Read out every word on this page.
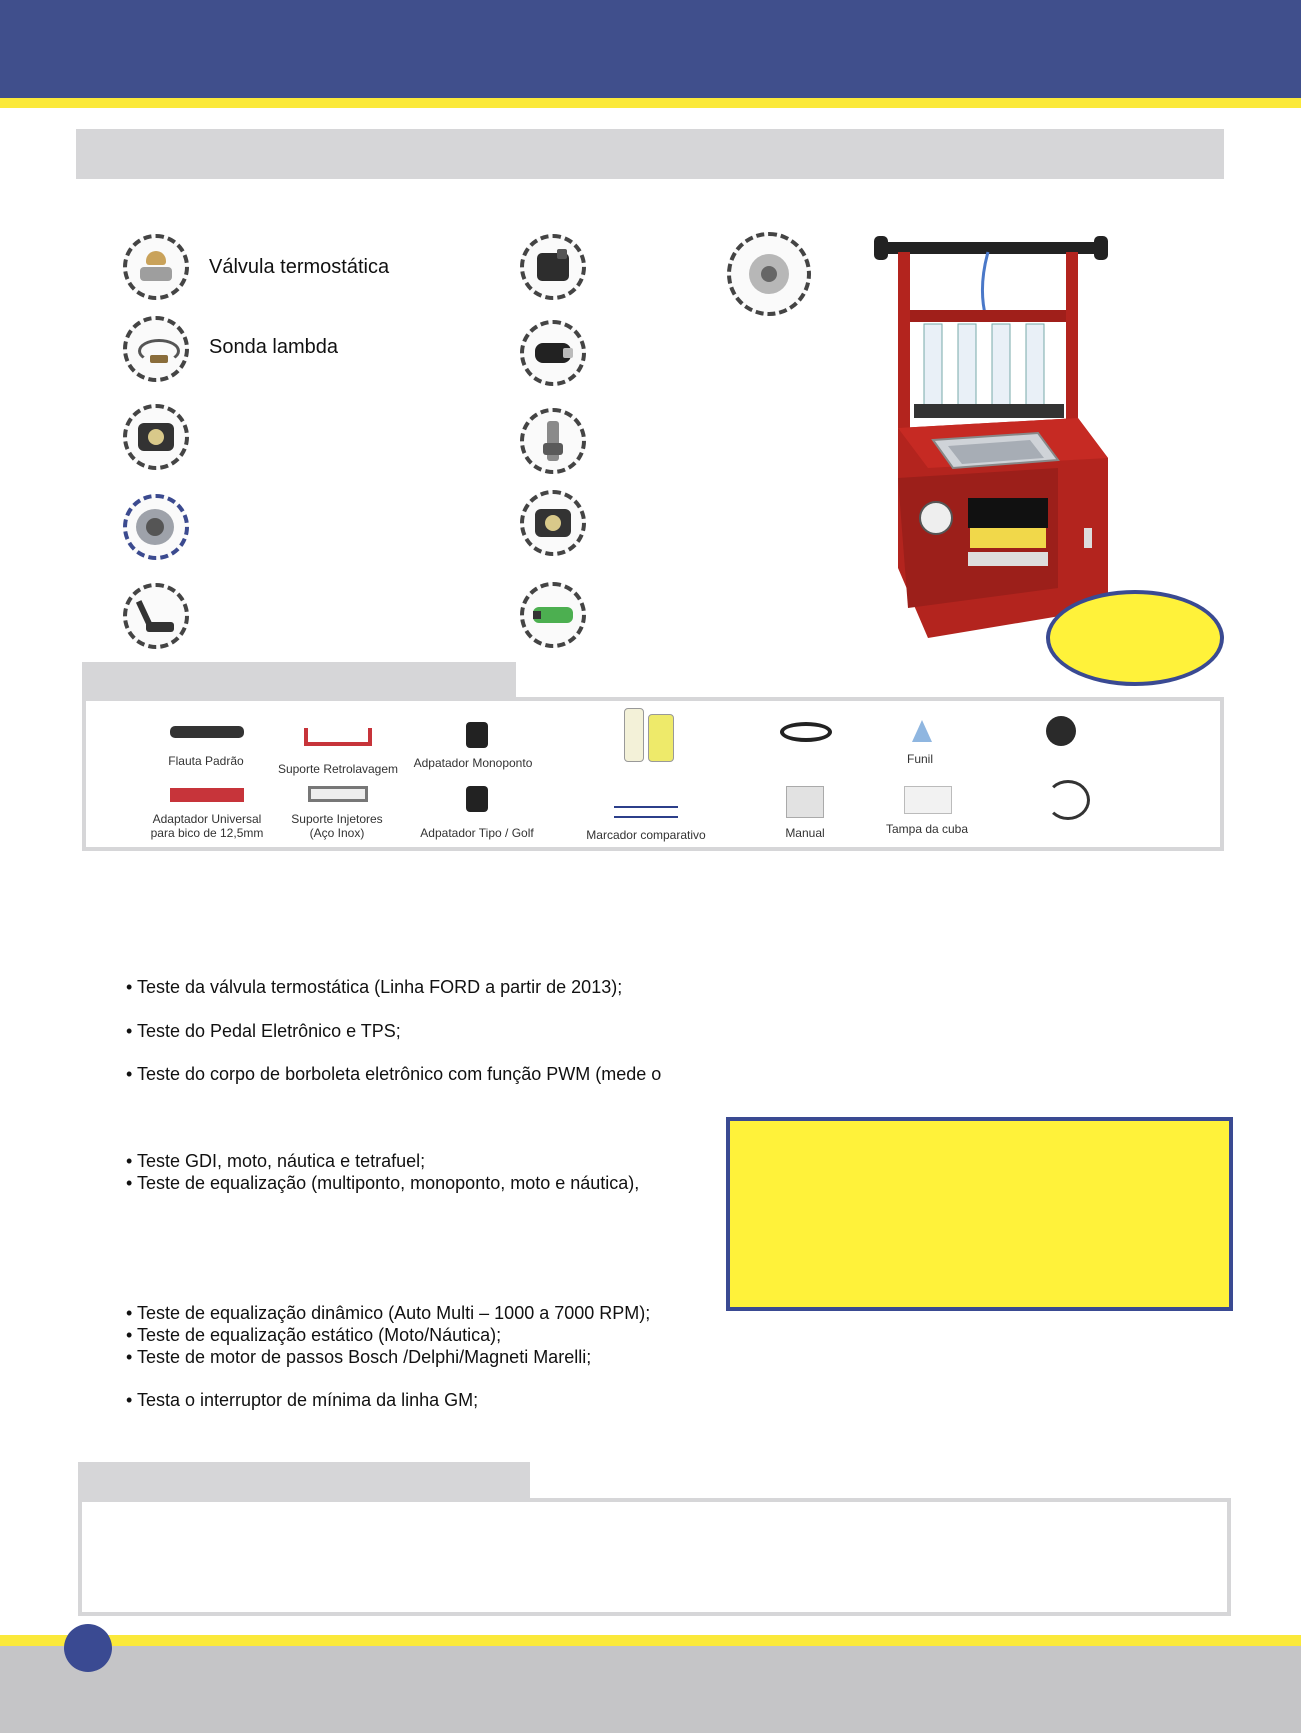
Válvula termostática
Sonda lambda
Flauta Padrão
Suporte Retrolavagem	Adpatador Monoponto	Funil
Adaptador Universal
para bico de 12,5mm
Suporte Injetores
(Aço Inox)	Adpatador Tipo / Golf	Marcador comparativo	Manual	Tampa da cuba
• Teste da válvula termostática (Linha FORD a partir de 2013);
• Teste do Pedal Eletrônico e TPS;
• Teste do corpo de borboleta eletrônico com função PWM (mede o
• Teste GDI, moto, náutica e tetrafuel;
• Teste de equalização (multiponto, monoponto, moto e náutica),
• Teste de equalização dinâmico (Auto Multi – 1000 a 7000 RPM);
• Teste de equalização estático (Moto/Náutica);
• Teste de motor de passos Bosch /Delphi/Magneti Marelli;
• Testa o interruptor de mínima da linha GM;
